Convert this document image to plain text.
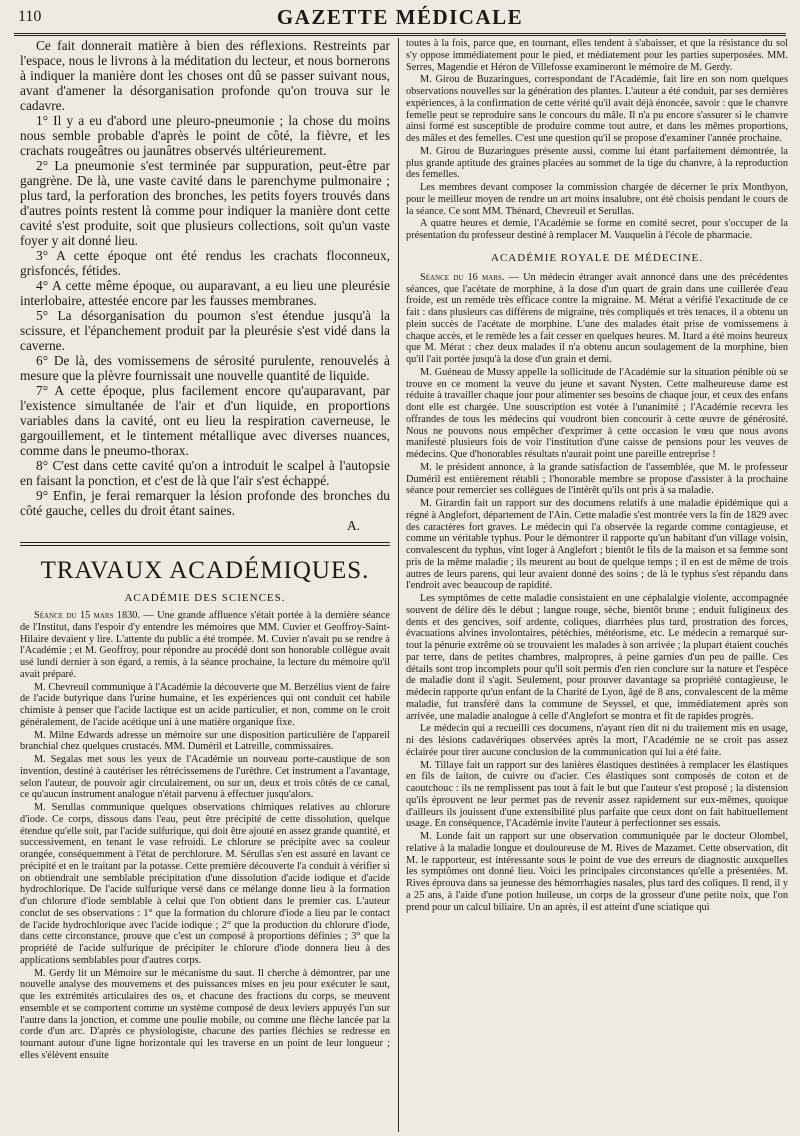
110	GAZETTE MÉDICALE

Ce fait donnerait matière à bien des réflexions. Restreints par l'espace, nous le livrons à la méditation du lecteur, et nous bornerons à indiquer la manière dont les choses ont dû se passer suivant nous, avant d'amener la désorganisation profonde qu'on trouva sur le cadavre.

1° Il y a eu d'abord une pleuro-pneumonie ; la chose du moins nous semble probable d'après le point de côté, la fièvre, et les crachats rougeâtres ou jaunâtres observés ultérieurement.

2° La pneumonie s'est terminée par suppuration, peut-être par gangrène. De là, une vaste cavité dans le parenchyme pulmonaire ; plus tard, la perforation des bronches, les petits foyers trouvés dans d'autres points restent là comme pour indiquer la manière dont cette cavité s'est produite, soit que plusieurs collections, soit qu'un vaste foyer y ait donné lieu.

3° A cette époque ont été rendus les crachats floconneux, grisfoncés, fétides.

4° A cette même époque, ou auparavant, a eu lieu une pleurésie interlobaire, attestée encore par les fausses membranes.

5° La désorganisation du poumon s'est étendue jusqu'à la scissure, et l'épanchement produit par la pleurésie s'est vidé dans la caverne.

6° De là, des vomissemens de sérosité purulente, renouvelés à mesure que la plèvre fournissait une nouvelle quantité de liquide.

7° A cette époque, plus facilement encore qu'auparavant, par l'existence simultanée de l'air et d'un liquide, en proportions variables dans la cavité, ont eu lieu la respiration caverneuse, le gargouillement, et le tintement métallique avec diverses nuances, comme dans le pneumo-thorax.

8° C'est dans cette cavité qu'on a introduit le scalpel à l'autopsie en faisant la ponction, et c'est de là que l'air s'est échappé.

9° Enfin, je ferai remarquer la lésion profonde des bronches du côté gauche, celles du droit étant saines.

A.

TRAVAUX ACADÉMIQUES.
ACADÉMIE DES SCIENCES.

Séance du 15 mars 1830. — Une grande affluence s'était portée à la dernière séance de l'Institut, dans l'espoir d'y entendre les mémoires que MM. Cuvier et Geoffroy-Saint-Hilaire devaient y lire. L'attente du public a été trompée. M. Cuvier n'avait pu se rendre à l'Académie ; et M. Geoffroy, pour répondre au procédé dont son honorable collègue avait usé lundi dernier à son égard, a remis, à la séance prochaine, la lecture du mémoire qu'il avait préparé.

M. Chevreuil communique à l'Académie la découverte que M. Berzélius vient de faire de l'acide butyrique dans l'urine humaine, et les expériences qui ont conduit cet habile chimiste à penser que l'acide lactique est un acide particulier, et non, comme on le croit généralement, de l'acide acétique uni à une matière organique fixe.

M. Milne Edwards adresse un mémoire sur une disposition particulière de l'appareil branchial chez quelques crustacés. MM. Duméril et Latreille, commissaires.

M. Segalas met sous les yeux de l'Académie un nouveau porte-caustique de son invention, destiné à cautériser les rétrécissemens de l'urèthre. Cet instrument a l'avantage, selon l'auteur, de pouvoir agir circulairement, ou sur un, deux et trois côtés de ce canal, ce qu'aucun instrument analogue n'était parvenu à effectuer jusqu'alors.

M. Serullas communique quelques observations chimiques relatives au chlorure d'iode. Ce corps, dissous dans l'eau, peut être précipité de cette dissolution, quelque étendue qu'elle soit, par l'acide sulfurique, qui doit être ajouté en assez grande quantité, et successivement, en tenant le vase refroidi. Le chlorure se précipite avec sa couleur orangée, conséquemment à l'état de perchlorure. M. Sérullas s'en est assuré en lavant ce précipité et en le traitant par la potasse. Cette première découverte l'a conduit à vérifier si on obtiendrait une semblable précipitation d'une dissolution d'acide iodique et d'acide hydrochlorique. De l'acide sulfurique versé dans ce mélange donne lieu à la formation d'un chlorure d'iode semblable à celui que l'on obtient dans le premier cas. L'auteur conclut de ses observations : 1° que la formation du chlorure d'iode a lieu par le contact de l'acide hydrochlorique avec l'acide iodique ; 2° que la production du chlorure d'iode, dans cette circonstance, prouve que c'est un composé à proportions définies ; 3° que la propriété de l'acide sulfurique de précipiter le chlorure d'iode donnera lieu à des applications semblables pour d'autres corps.

M. Gerdy lit un Mémoire sur le mécanisme du saut. Il cherche à démontrer, par une nouvelle analyse des mouvemens et des puissances mises en jeu pour exécuter le saut, que les extrémités articulaires des os, et chacune des fractions du corps, se meuvent ensemble et se comportent comme un système composé de deux leviers appuyés l'un sur l'autre dans la jonction, et comme une poulie mobile, ou comme une flèche lancée par la corde d'un arc. D'après ce physiologiste, chacune des parties fléchies se redresse en tournant autour d'une ligne horizontale qui les traverse en un point de leur longueur ; elles s'élèvent ensuite

toutes à la fois, parce que, en tournant, elles tendent à s'abaisser, et que la résistance du sol s'y oppose immédiatement pour le pied, et médiatement pour les parties superposées. MM. Serres, Magendie et Héron de Villefosse examineront le mémoire de M. Gerdy.

M. Girou de Buzaringues, correspondant de l'Académie, fait lire en son nom quelques observations nouvelles sur la génération des plantes. L'auteur a été conduit, par ses dernières expériences, à la confirmation de cette vérité qu'il avait déjà énoncée, savoir : que le chanvre femelle peut se reproduire sans le concours du mâle. Il n'a pu encore s'assurer si le chanvre ainsi formé est susceptible de produire comme tout autre, et dans les mêmes proportions, des mâles et des femelles. C'est une question qu'il se propose d'examiner l'année prochaine.

M. Girou de Buzaringues présente aussi, comme lui étant parfaitement démontrée, la plus grande aptitude des graines placées au sommet de la tige du chanvre, à la reproduction des femelles.

Les membres devant composer la commission chargée de décerner le prix Monthyon, pour le meilleur moyen de rendre un art moins insalubre, ont été choisis pendant le cours de la séance. Ce sont MM. Thénard, Chevreuil et Serullas.

A quatre heures et demie, l'Académie se forme en comité secret, pour s'occuper de la présentation du professeur destiné à remplacer M. Vauquelin à l'école de pharmacie.

ACADÉMIE ROYALE DE MÉDECINE.

Séance du 16 mars. — Un médecin étranger avait annoncé dans une des précédentes séances, que l'acétate de morphine, à la dose d'un quart de grain dans une cuillerée d'eau froide, est un remède très efficace contre la migraine. M. Mérat a vérifié l'exactitude de ce fait : dans plusieurs cas différens de migraine, très compliqués et très tenaces, il a obtenu un plein succès de l'acétate de morphine. L'une des malades était prise de vomissemens à chaque accès, et le remède les a fait cesser en quelques heures. M. Itard a été moins heureux que M. Mérat : chez deux malades il n'a obtenu aucun soulagement de la morphine, bien qu'il l'ait portée jusqu'à la dose d'un grain et demi.

M. Guéneau de Mussy appelle la sollicitude de l'Académie sur la situation pénible où se trouve en ce moment la veuve du jeune et savant Nysten. Cette malheureuse dame est réduite à travailler chaque jour pour alimenter ses besoins de chaque jour, et ceux des enfans dont elle est chargée. Une souscription est votée à l'unanimité ; l'Académie recevra les offrandes de tous les médecins qui voudront bien concourir à cette œuvre de générosité. Nous ne pouvons nous empêcher d'exprimer à cette occasion le vœu que nous avons manifesté plusieurs fois de voir l'institution d'une caisse de pensions pour les veuves de médecins. Que d'honorables résultats n'aurait point une pareille entreprise !

M. le président annonce, à la grande satisfaction de l'assemblée, que M. le professeur Duméril est entièrement rétabli ; l'honorable membre se propose d'assister à la prochaine séance pour remercier ses collègues de l'intérêt qu'ils ont pris à sa maladie.

M. Girardin fait un rapport sur des documens relatifs à une maladie épidémique qui a régné à Anglefort, département de l'Ain. Cette maladie s'est montrée vers la fin de 1829 avec des caractères fort graves. Le médecin qui l'a observée la regarde comme contagieuse, et comme un véritable typhus. Pour le démontrer il rapporte qu'un habitant d'un village voisin, convalescent du typhus, vint loger à Anglefort ; bientôt le fils de la maison et sa femme sont pris de la même maladie ; ils meurent au bout de quelque temps ; il en est de même de trois autres de leurs parens, qui leur avaient donné des soins ; de là le typhus s'est répandu dans l'endroit avec beaucoup de rapidité.

Les symptômes de cette maladie consistaient en une céphalalgie violente, accompagnée souvent de délire dès le début ; langue rouge, sèche, bientôt brune ; enduit fuligineux des dents et des gencives, soif ardente, coliques, diarrhées plus tard, prostration des forces, évacuations alvines involontaires, pétéchies, météorisme, etc. Le médecin a remarqué sur-tout la pénurie extrême où se trouvaient les malades à son arrivée ; la plupart étaient couchés par terre, dans de petites chambres, malpropres, à peine garnies d'un peu de paille. Ces détails sont trop incomplets pour qu'il soit permis d'en rien conclure sur la nature et l'espèce de maladie dont il s'agit. Seulement, pour prouver davantage sa propriété contagieuse, le médecin rapporte qu'un enfant de la Charité de Lyon, âgé de 8 ans, convalescent de la même maladie, fut transféré dans la commune de Seyssel, et que, immédiatement après son arrivée, une maladie analogue à celle d'Anglefort se montra et fit de rapides progrès.

Le médecin qui a recueilli ces documens, n'ayant rien dit ni du traitement mis en usage, ni des lésions cadavériques observées après la mort, l'Académie ne se croit pas assez éclairée pour tirer aucune conclusion de la communication qui lui a été faite.

M. Tillaye fait un rapport sur des lanières élastiques destinées à remplacer les élastiques en fils de laiton, de cuivre ou d'acier. Ces élastiques sont composés de coton et de caoutchouc : ils ne remplissent pas tout à fait le but que l'auteur s'est proposé ; la distension qu'ils éprouvent ne leur permet pas de revenir assez rapidement sur eux-mêmes, quoique d'ailleurs ils jouissent d'une extensibilité plus parfaite que ceux dont on fait habituellement usage. En conséquence, l'Académie invite l'auteur à perfectionner ses essais.

M. Londe fait un rapport sur une observation communiquée par le docteur Olombel, relative à la maladie longue et douloureuse de M. Rives de Mazamet. Cette observation, dit M. le rapporteur, est intéressante sous le point de vue des erreurs de diagnostic auxquelles les symptômes ont donné lieu. Voici les principales circonstances qu'elle a présentées. M. Rives éprouva dans sa jeunesse des hémorrhagies nasales, plus tard des coliques. Il rend, il y a 25 ans, à l'aide d'une potion huileuse, un corps de la grosseur d'une petite noix, que l'on prend pour un calcul biliaire. Un an après, il est atteint d'une sciatique qui
